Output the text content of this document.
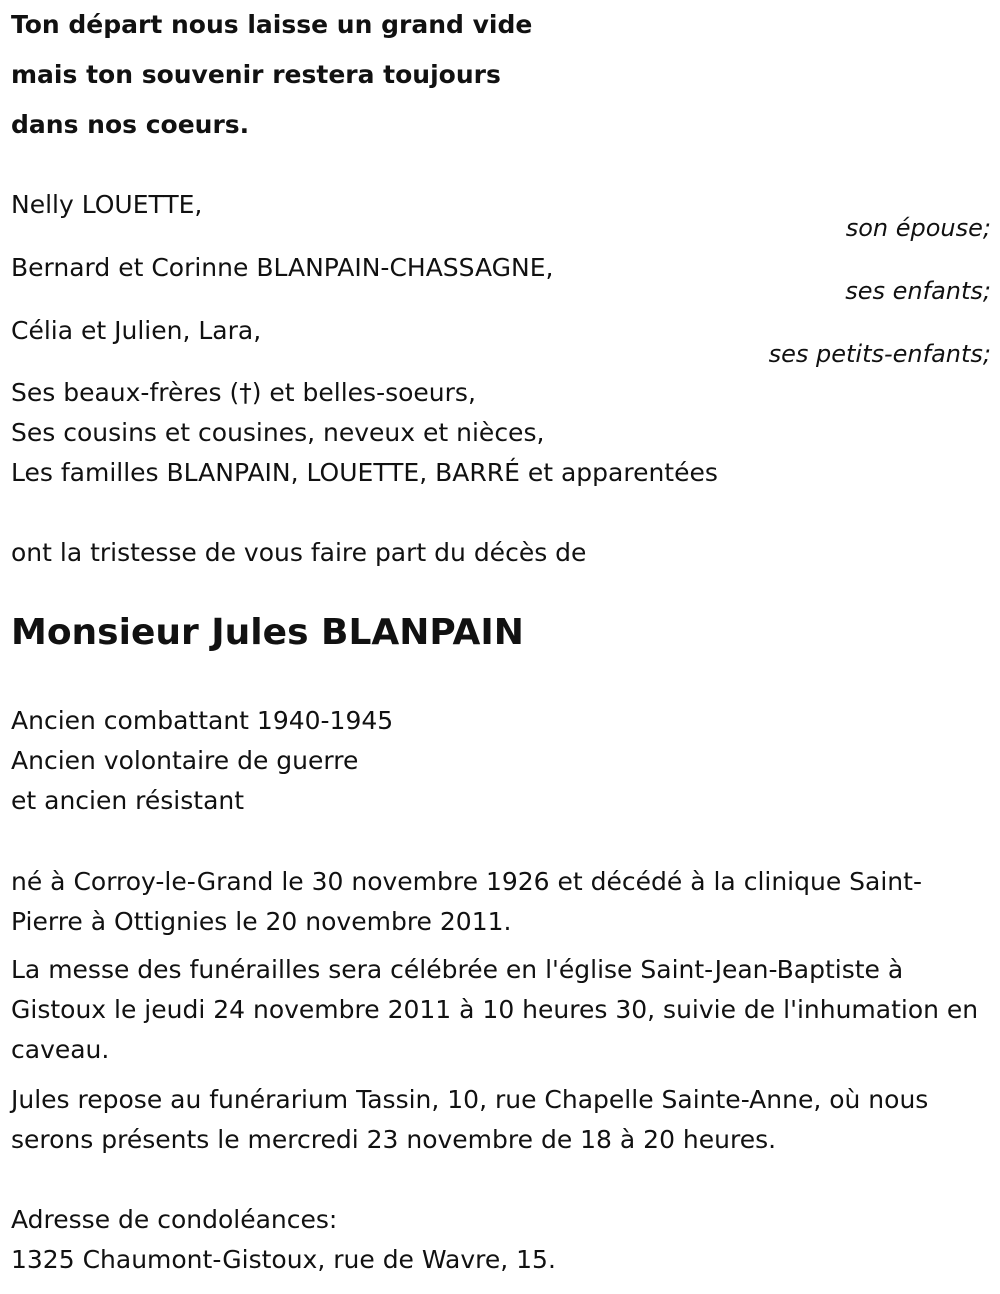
Ton départ nous laisse un grand vide
mais ton souvenir restera toujours
dans nos coeurs.
Nelly LOUETTE,
son épouse;
Bernard et Corinne BLANPAIN-CHASSAGNE,
ses enfants;
Célia et Julien, Lara,
ses petits-enfants;
Ses beaux-frères (†) et belles-soeurs,
Ses cousins et cousines, neveux et nièces,
Les familles BLANPAIN, LOUETTE, BARRÉ et apparentées
ont la tristesse de vous faire part du décès de
Monsieur Jules BLANPAIN
Ancien combattant 1940-1945
Ancien volontaire de guerre
et ancien résistant
né à Corroy-le-Grand le 30 novembre 1926 et décédé à la clinique Saint-Pierre à Ottignies le 20 novembre 2011.
La messe des funérailles sera célébrée en l'église Saint-Jean-Baptiste à Gistoux le jeudi 24 novembre 2011 à 10 heures 30, suivie de l'inhumation en caveau.
Jules repose au funérarium Tassin, 10, rue Chapelle Sainte-Anne, où nous serons présents le mercredi 23 novembre de 18 à 20 heures.
Adresse de condoléances:
1325 Chaumont-Gistoux, rue de Wavre, 15.
